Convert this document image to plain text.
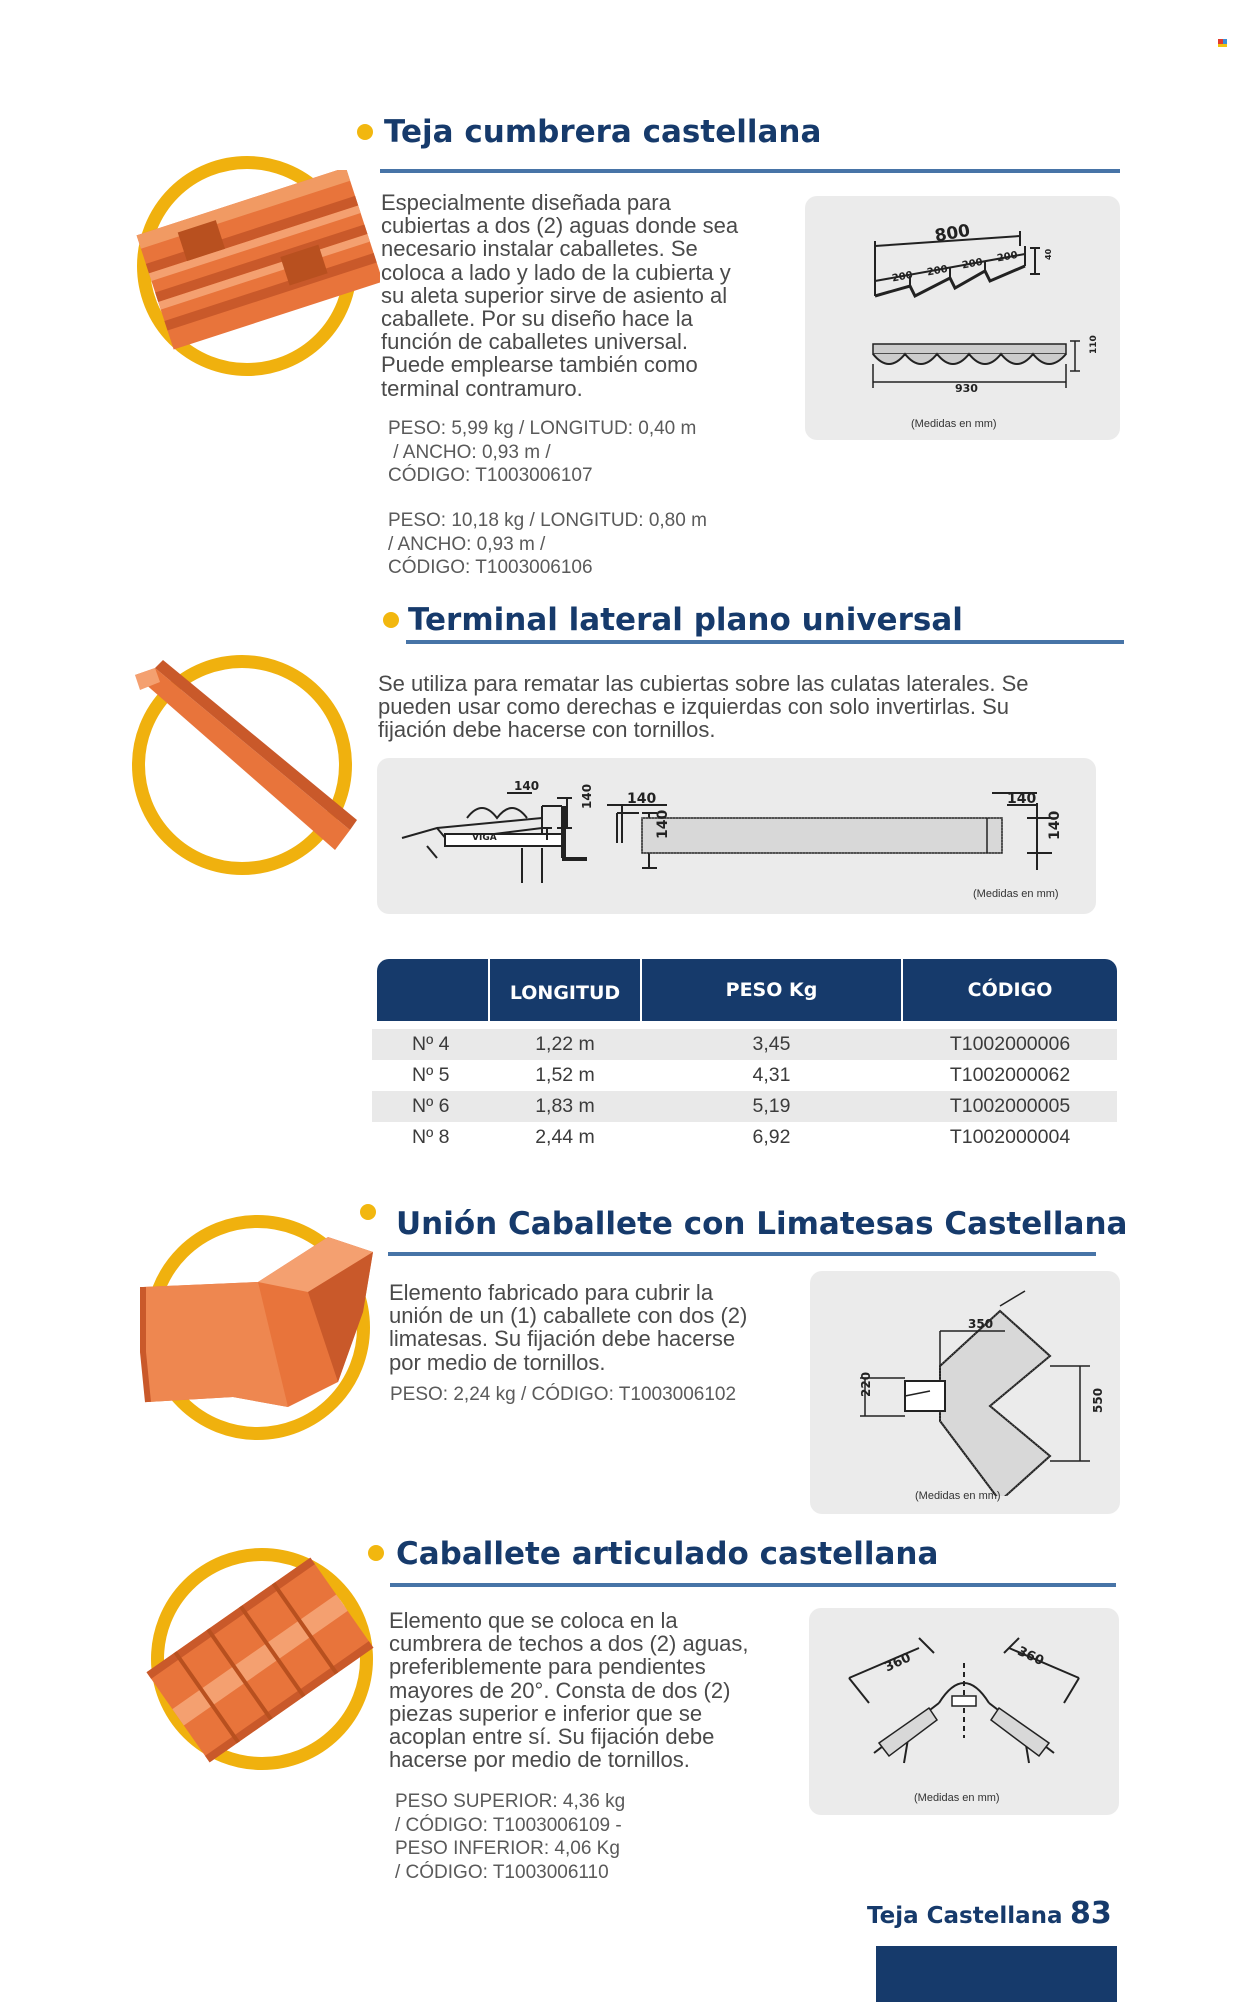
Teja cumbrera castellana

Especialmente diseñada para

cubiertas a dos (2) aguas donde sea

necesario instalar caballetes. Se

coloca a lado y lado de la cubierta y

su aleta superior sirve de asiento al

caballete. Por su diseño hace la

función de caballetes universal.

Puede emplearse también como

terminal contramuro.

PESO: 5,99 kg / LONGITUD: 0,40 m
/ ANCHO: 0,93 m /
CÓDIGO: T1003006107
PESO: 10,18 kg / LONGITUD: 0,80 m
/ ANCHO: 0,93 m /
CÓDIGO: T1003006106
800
200 200 200 200	40
110
930
(Medidas en mm)
Terminal lateral plano universal

Se utiliza para rematar las cubiertas sobre las culatas laterales. Se

pueden usar como derechas e izquierdas con solo invertirlas. Su

fijación debe hacerse con tornillos.

140	140
VIGA
140
140
140
140
(Medidas en mm)
LONGITUD	PESO Kg	CÓDIGO
Nº 4	1,22 m	3,45	T1002000006
Nº 5	1,52 m	4,31	T1002000062
Nº 6	1,83 m	5,19	T1002000005
Nº 8	2,44 m	6,92	T1002000004
Unión Caballete con Limatesas Castellana

Elemento fabricado para cubrir la

unión de un (1) caballete con dos (2)

limatesas. Su fijación debe hacerse

por medio de tornillos.

PESO: 2,24 kg / CÓDIGO: T1003006102
350
220
550
(Medidas en mm)
Caballete articulado castellana

Elemento que se coloca en la

cumbrera de techos a dos (2) aguas,

preferiblemente para pendientes

mayores de 20°. Consta de dos (2)

piezas superior e inferior que se

acoplan entre sí. Su fijación debe

hacerse por medio de tornillos.

PESO SUPERIOR: 4,36 kg
/ CÓDIGO: T1003006109 -
PESO INFERIOR: 4,06 Kg
/ CÓDIGO: T1003006110
360	360
(Medidas en mm)
Teja Castellana 83
